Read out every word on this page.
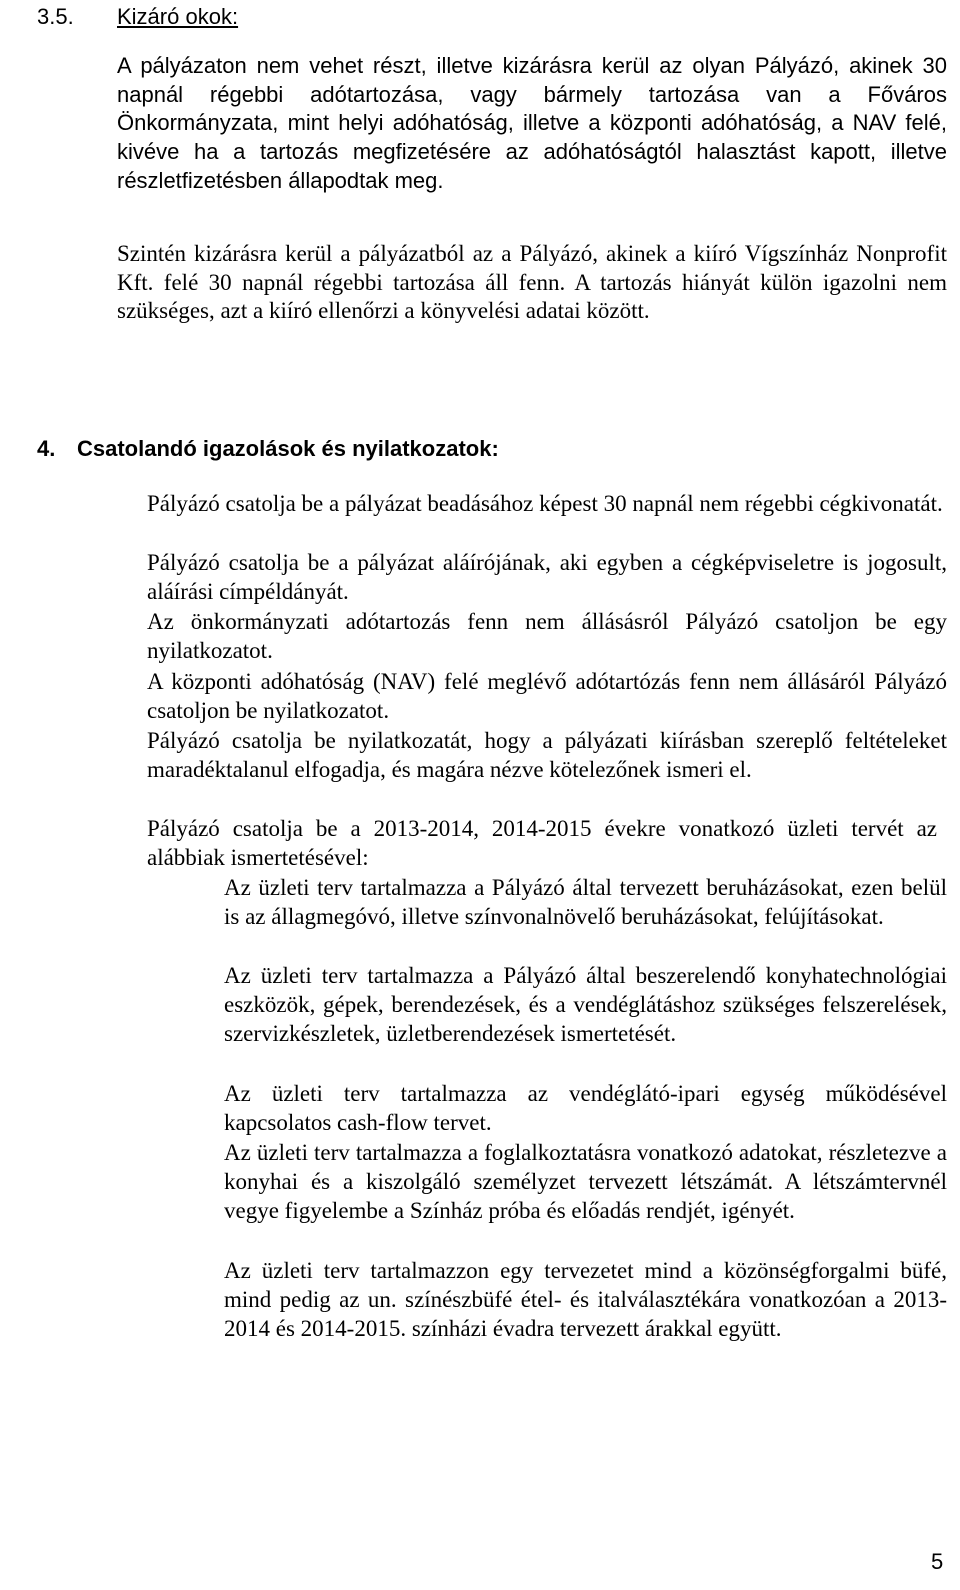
3.5. Kizáró okok:
A pályázaton nem vehet részt, illetve kizárásra kerül az olyan Pályázó, akinek 30 napnál régebbi adótartozása, vagy bármely tartozása van a Főváros Önkormányzata, mint helyi adóhatóság, illetve a központi adóhatóság, a NAV felé, kivéve ha a tartozás megfizetésére az adóhatóságtól halasztást kapott, illetve részletfizetésben állapodtak meg.
Szintén kizárásra kerül a pályázatból az a Pályázó, akinek a kiíró Vígszínház Nonprofit Kft. felé 30 napnál régebbi tartozása áll fenn. A tartozás hiányát külön igazolni nem szükséges, azt a kiíró ellenőrzi a könyvelési adatai között.
4. Csatolandó igazolások és nyilatkozatok:

Pályázó csatolja be a pályázat beadásához képest 30 napnál nem régebbi cégkivonatát.

Pályázó csatolja be a pályázat aláírójának, aki egyben a cégképviseletre is jogosult, aláírási címpéldányát.

Az önkormányzati adótartozás fenn nem állásásról Pályázó csatoljon be egy nyilatkozatot.

A központi adóhatóság (NAV) felé meglévő adótartózás fenn nem állásáról Pályázó csatoljon be nyilatkozatot.

Pályázó csatolja be nyilatkozatát, hogy a pályázati kiírásban szereplő feltételeket maradéktalanul elfogadja, és magára nézve kötelezőnek ismeri el.

Pályázó csatolja be a 2013-2014, 2014-2015 évekre vonatkozó üzleti tervét az alábbiak ismertetésével:

Az üzleti terv tartalmazza a Pályázó által tervezett beruházásokat, ezen belül is az állagmegóvó, illetve színvonalnövelő beruházásokat, felújításokat.

Az üzleti terv tartalmazza a Pályázó által beszerelendő konyhatechnológiai eszközök, gépek, berendezések, és a vendéglátáshoz szükséges felszerelések, szervizkészletek, üzletberendezések ismertetését.

Az üzleti terv tartalmazza az vendéglátó-ipari egység működésével kapcsolatos cash-flow tervet.

Az üzleti terv tartalmazza a foglalkoztatásra vonatkozó adatokat, részletezve a konyhai és a kiszolgáló személyzet tervezett létszámát. A létszámtervnél vegye figyelembe a Színház próba és előadás rendjét, igényét.

Az üzleti terv tartalmazzon egy tervezetet mind a közönségforgalmi büfé, mind pedig az un. színészbüfé étel- és italválasztékára vonatkozóan a 2013-2014 és 2014-2015. színházi évadra tervezett árakkal együtt.

5
